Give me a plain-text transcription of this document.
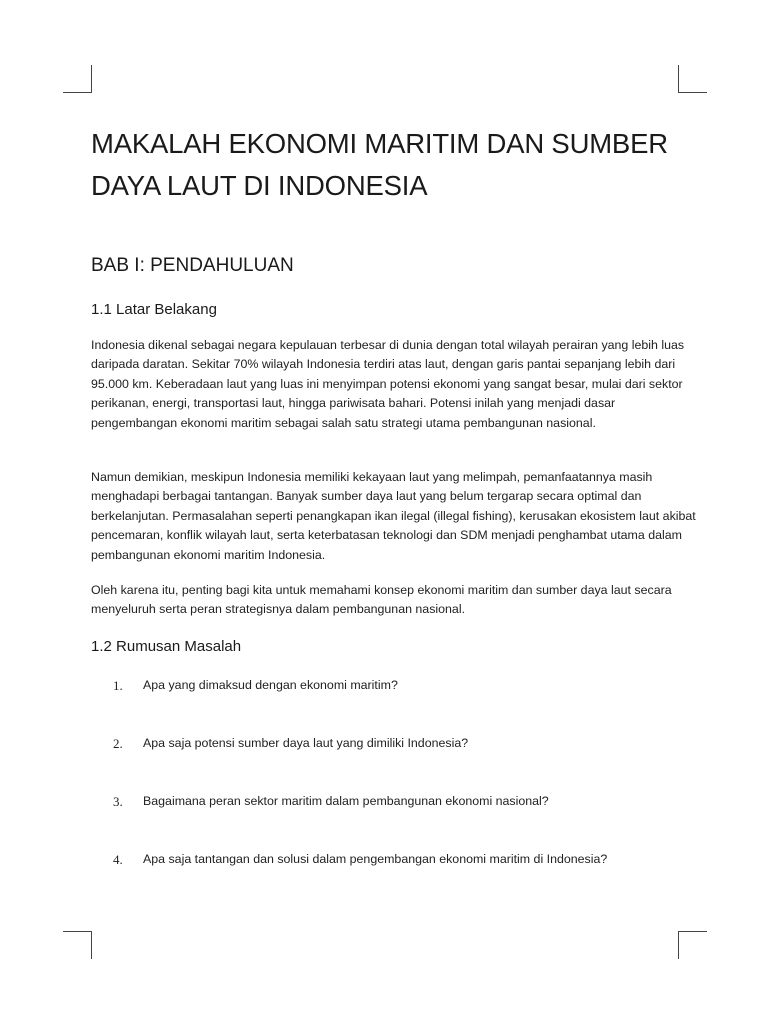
MAKALAH EKONOMI MARITIM DAN SUMBER DAYA LAUT DI INDONESIA
BAB I: PENDAHULUAN
1.1 Latar Belakang

Indonesia dikenal sebagai negara kepulauan terbesar di dunia dengan total wilayah perairan yang lebih luas daripada daratan. Sekitar 70% wilayah Indonesia terdiri atas laut, dengan garis pantai sepanjang lebih dari 95.000 km. Keberadaan laut yang luas ini menyimpan potensi ekonomi yang sangat besar, mulai dari sektor perikanan, energi, transportasi laut, hingga pariwisata bahari. Potensi inilah yang menjadi dasar pengembangan ekonomi maritim sebagai salah satu strategi utama pembangunan nasional.

Namun demikian, meskipun Indonesia memiliki kekayaan laut yang melimpah, pemanfaatannya masih menghadapi berbagai tantangan. Banyak sumber daya laut yang belum tergarap secara optimal dan berkelanjutan. Permasalahan seperti penangkapan ikan ilegal (illegal fishing), kerusakan ekosistem laut akibat pencemaran, konflik wilayah laut, serta keterbatasan teknologi dan SDM menjadi penghambat utama dalam pembangunan ekonomi maritim Indonesia.

Oleh karena itu, penting bagi kita untuk memahami konsep ekonomi maritim dan sumber daya laut secara menyeluruh serta peran strategisnya dalam pembangunan nasional.

1.2 Rumusan Masalah
1.	Apa yang dimaksud dengan ekonomi maritim?
2.	Apa saja potensi sumber daya laut yang dimiliki Indonesia?
3.	Bagaimana peran sektor maritim dalam pembangunan ekonomi nasional?
4.	Apa saja tantangan dan solusi dalam pengembangan ekonomi maritim di Indonesia?
